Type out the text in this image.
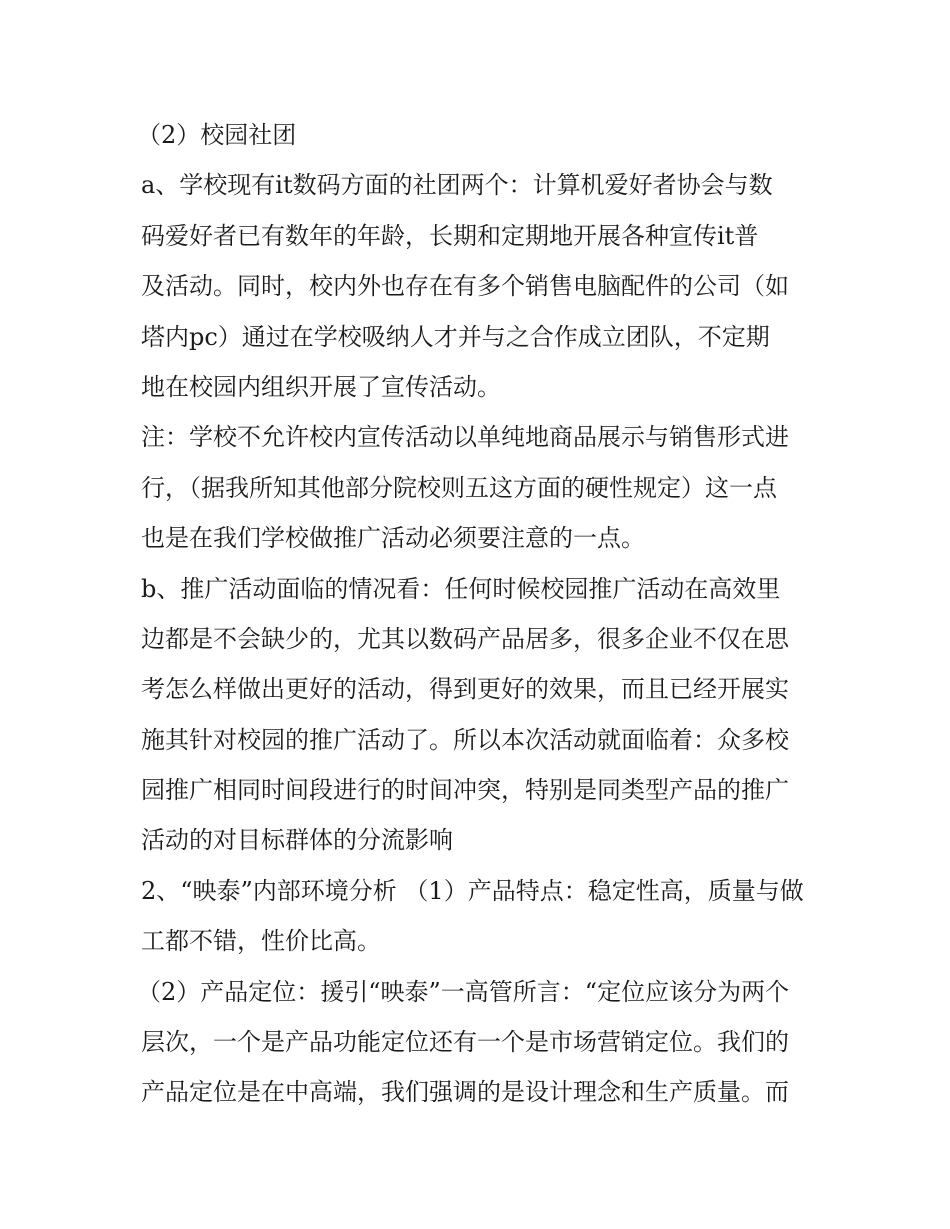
（2）校园社团
a、学校现有it数码方面的社团两个：计算机爱好者协会与数
码爱好者已有数年的年龄，长期和定期地开展各种宣传it普
及活动。同时，校内外也存在有多个销售电脑配件的公司（如
塔内pc）通过在学校吸纳人才并与之合作成立团队，不定期
地在校园内组织开展了宣传活动。
注：学校不允许校内宣传活动以单纯地商品展示与销售形式进
行，（据我所知其他部分院校则五这方面的硬性规定）这一点
也是在我们学校做推广活动必须要注意的一点。
b、推广活动面临的情况看：任何时候校园推广活动在高效里
边都是不会缺少的，尤其以数码产品居多，很多企业不仅在思
考怎么样做出更好的活动，得到更好的效果，而且已经开展实
施其针对校园的推广活动了。所以本次活动就面临着：众多校
园推广相同时间段进行的时间冲突，特别是同类型产品的推广
活动的对目标群体的分流影响
2、“映泰”内部环境分析 （1）产品特点：稳定性高，质量与做
工都不错，性价比高。
（2）产品定位：援引“映泰”一高管所言：“定位应该分为两个
层次，一个是产品功能定位还有一个是市场营销定位。我们的
产品定位是在中高端，我们强调的是设计理念和生产质量。而
